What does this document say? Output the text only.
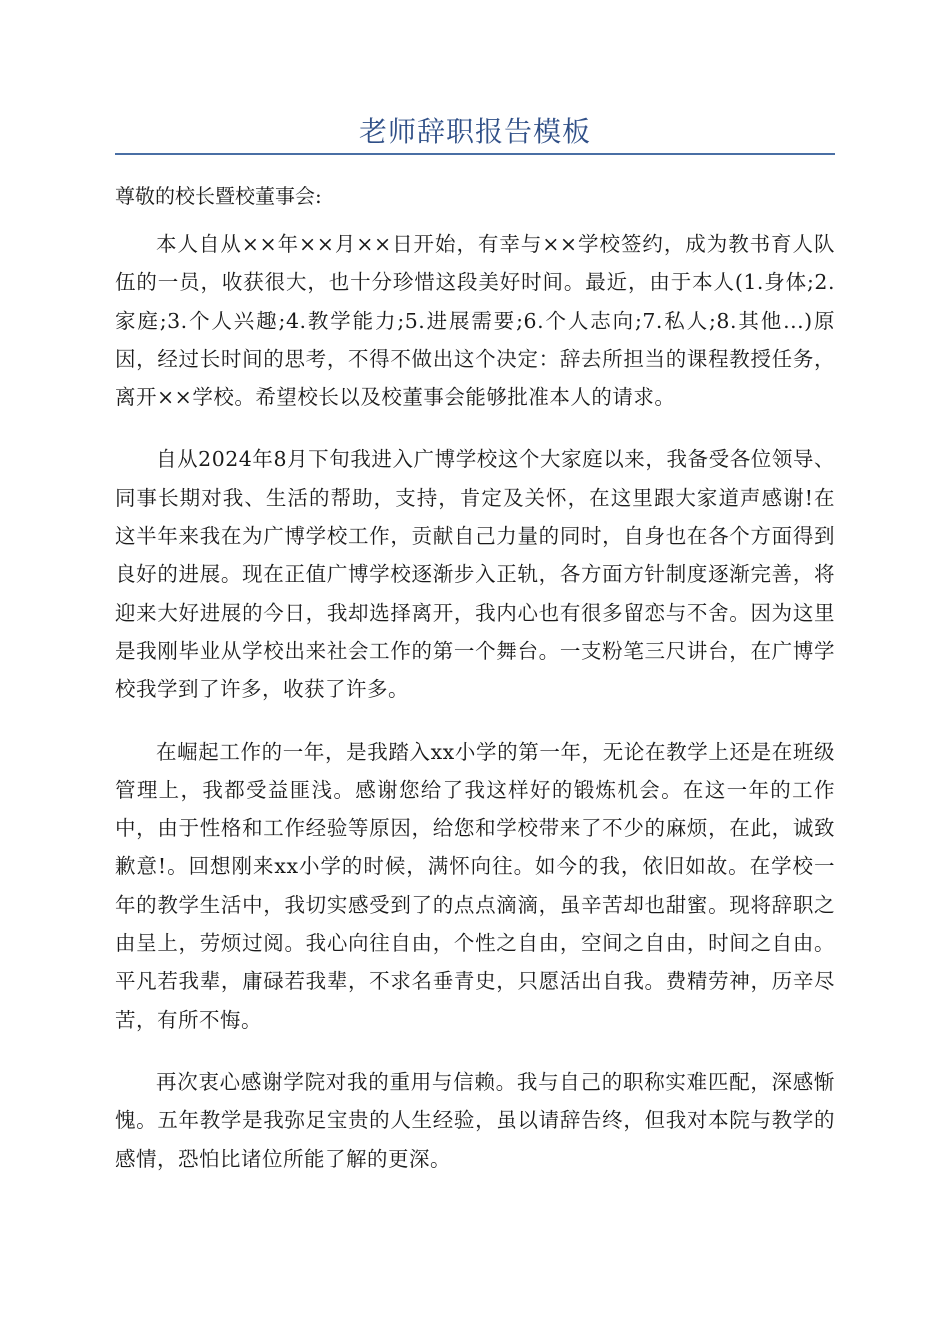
老师辞职报告模板
尊敬的校长暨校董事会:

本人自从××年××月××日开始，有幸与××学校签约，成为教书育人队伍的一员，收获很大，也十分珍惜这段美好时间。最近，由于本人(1.身体;2.家庭;3.个人兴趣;4.教学能力;5.进展需要;6.个人志向;7.私人;8.其他...)原因，经过长时间的思考，不得不做出这个决定：辞去所担当的课程教授任务，离开××学校。希望校长以及校董事会能够批准本人的请求。

自从2024年8月下旬我进入广博学校这个大家庭以来，我备受各位领导、同事长期对我、生活的帮助，支持，肯定及关怀，在这里跟大家道声感谢!在这半年来我在为广博学校工作，贡献自己力量的同时，自身也在各个方面得到良好的进展。现在正值广博学校逐渐步入正轨，各方面方针制度逐渐完善，将迎来大好进展的今日，我却选择离开，我内心也有很多留恋与不舍。因为这里是我刚毕业从学校出来社会工作的第一个舞台。一支粉笔三尺讲台，在广博学校我学到了许多，收获了许多。

在崛起工作的一年，是我踏入xx小学的第一年，无论在教学上还是在班级管理上，我都受益匪浅。感谢您给了我这样好的锻炼机会。在这一年的工作中，由于性格和工作经验等原因，给您和学校带来了不少的麻烦，在此，诚致歉意!。回想刚来xx小学的时候，满怀向往。如今的我，依旧如故。在学校一年的教学生活中，我切实感受到了的点点滴滴，虽辛苦却也甜蜜。现将辞职之由呈上，劳烦过阅。我心向往自由，个性之自由，空间之自由，时间之自由。平凡若我辈，庸碌若我辈，不求名垂青史，只愿活出自我。费精劳神，历辛尽苦，有所不悔。

再次衷心感谢学院对我的重用与信赖。我与自己的职称实难匹配，深感惭愧。五年教学是我弥足宝贵的人生经验，虽以请辞告终，但我对本院与教学的感情，恐怕比诸位所能了解的更深。
